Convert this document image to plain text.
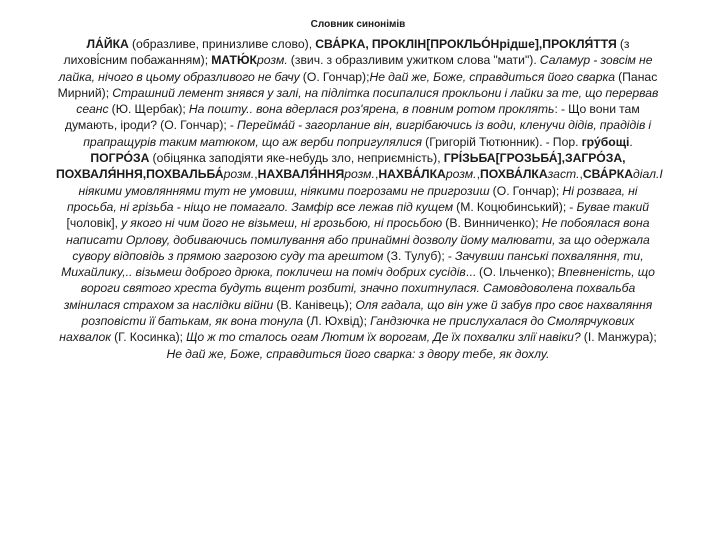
Словник синонімів

ЛА́ЙКА (образливе, принизливе слово), СВА́РКА, ПРОКЛІН[ПРОКЛЬО́Нрідше],ПРОКЛЯ́ТТЯ (з лихові́сним побажанням); МАТЮ́Крозм. (звич. з образливим ужитком слова "мати"). Саламур - зовсім не лайка, нічого в цьому образливого не бачу (О. Гончар);Не дай же, Боже, справдиться його сварка (Панас Мирний); Страшний лемент знявся у залі, на підлітка посипалися прокльони і лайки за те, що перервав сеанс (Ю. Щербак); На пошту.. вона вдерлася роз'ярена, в повним ротом проклять: - Що вони там думають, іроди? (О. Гончар); - Перейма́й - загорлание він, вигрібаючись із води, кленучи дідів, прадідів і прапращурів таким матюком, що аж верби попригулялися (Григорій Тютюнник). - Пор. гру́бощі.

ПОГРО́ЗА (обіцянка заподіяти яке-небудь зло, неприємність), ГРІ́ЗЬБА[ГРОЗЬБА́],ЗАГРО́ЗА, ПОХВАЛЯ́ННЯ,ПОХВАЛЬБА́розм.,НАХВАЛЯ́ННЯрозм.,НАХВА́ЛКАрозм.,ПОХВА́ЛКАзаст.,СВА́РКАдіал.І ніякими умовляннями тут не умовиш, ніякими погрозами не пригрозиш (О. Гончар); Ні розвага, ні просьба, ні грізьба - ніщо не помагало. Замфір все лежав під кущем (М. Коцюбинський); - Бувае такий [чоловік], у якого ні чим його не візьмеш, ні грозьбою, ні просьбою (В. Винниченко); Не побоялася вона написати Орлову, добиваючись помилування або принаймні дозволу йому малювати, за що одержала суворy відповідь з прямою загрозою суду та арештом (З. Тулуб); - Зачувши панські похваляння, ти, Михайлику,.. візьмеш доброго дрюка, покличеш на поміч добрих сусідів... (О. Ільченко); Впевненість, що вороги святого хреста будуть вщент розбиті, значно похитнулася. Самовдоволена похвальба змінилася страхом за наслідки війни (В. Канівець); Оля гадала, що він уже й забув про своє нахваляння розповісти її батькам, як вона тонула (Л. Юхвід); Гандзючка не прислухалася до Смолярчукових нахвалок (Г. Косинка); Що ж то сталось огам Лютим їх ворогам, Де їх похвалки злії навіки? (І. Манжура); Не дай же, Боже, справдиться його сварка: з двору тебе, як дохлу.
